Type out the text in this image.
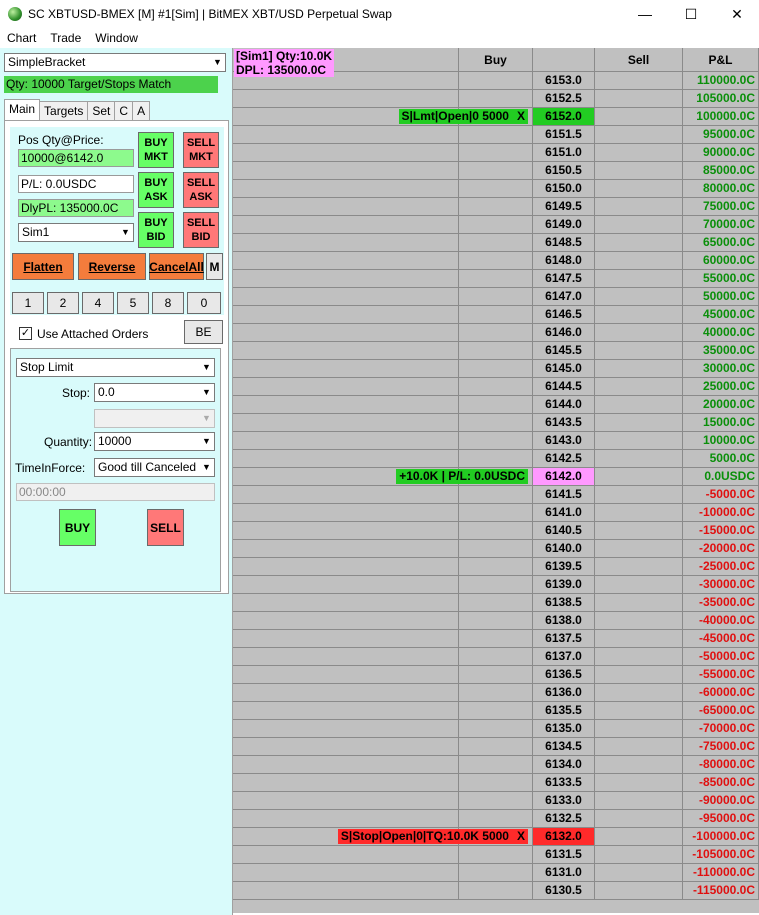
SC XBTUSD-BMEX [M] #1[Sim] | BitMEX XBT/USD Perpetual Swap	—	☐	✕
Chart	Trade	Window
SimpleBracket	▼
Qty: 10000 Target/Stops Match
Main Targets Set C A
Pos Qty@Price:
10000@6142.0
P/L: 0.0USDC
DlyPL: 135000.0C
Sim1	▼
BUY
MKT
SELL
MKT
BUY
ASK
SELL
ASK
BUY
BID
SELL
BID
Flatten	Reverse	CancelAll M
1	2	4	5	8	0
✓ Use Attached Orders	BE
Stop Limit	▼
Stop: 0.0	▼
▼
Quantity: 10000	▼
TimeInForce:	Good till Canceled ▼
00:00:00
BUY	SELL
Buy	Sell	P&L
[Sim1] Qty:10.0K
DPL: 135000.0C
6153.0	110000.0C
6152.5	105000.0C
S|Lmt|Open|0 5000 X	6152.0	100000.0C
6151.5	95000.0C
6151.0	90000.0C
6150.5	85000.0C
6150.0	80000.0C
6149.5	75000.0C
6149.0	70000.0C
6148.5	65000.0C
6148.0	60000.0C
6147.5	55000.0C
6147.0	50000.0C
6146.5	45000.0C
6146.0	40000.0C
6145.5	35000.0C
6145.0	30000.0C
6144.5	25000.0C
6144.0	20000.0C
6143.5	15000.0C
6143.0	10000.0C
6142.5	5000.0C
+10.0K | P/L: 0.0USDC	6142.0	0.0USDC
6141.5	-5000.0C
6141.0	-10000.0C
6140.5	-15000.0C
6140.0	-20000.0C
6139.5	-25000.0C
6139.0	-30000.0C
6138.5	-35000.0C
6138.0	-40000.0C
6137.5	-45000.0C
6137.0	-50000.0C
6136.5	-55000.0C
6136.0	-60000.0C
6135.5	-65000.0C
6135.0	-70000.0C
6134.5	-75000.0C
6134.0	-80000.0C
6133.5	-85000.0C
6133.0	-90000.0C
6132.5	-95000.0C
S|Stop|Open|0|TQ:10.0K 5000 X	6132.0	-100000.0C
6131.5	-105000.0C
6131.0	-110000.0C
6130.5	-115000.0C
